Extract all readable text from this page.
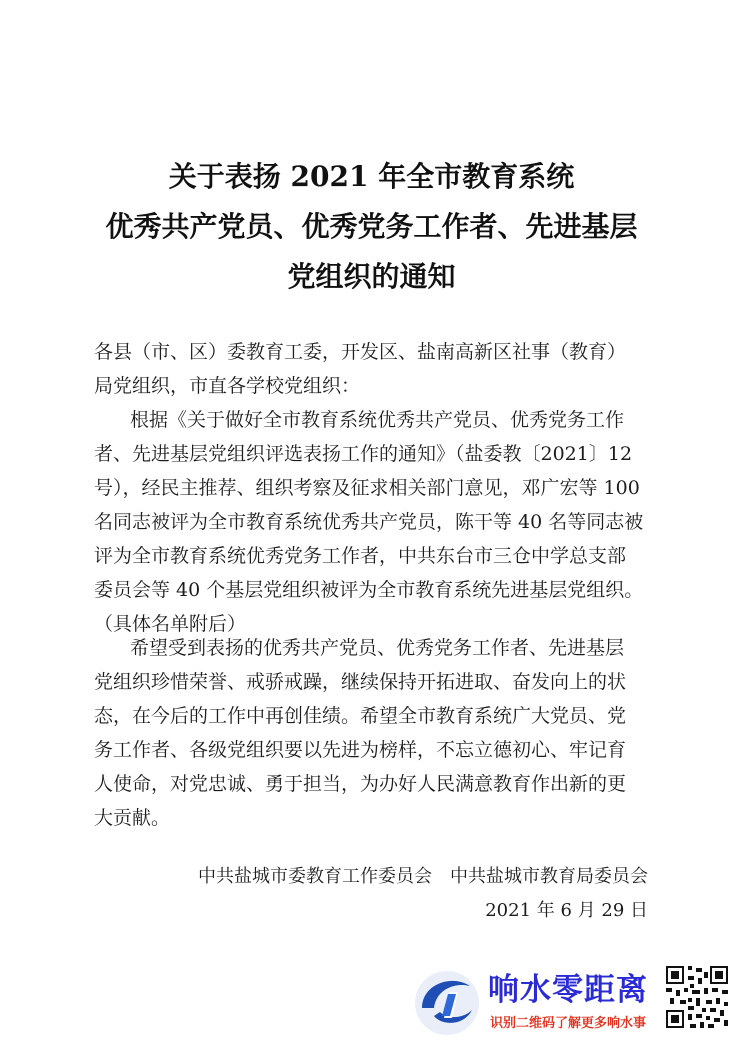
关于表扬 2021 年全市教育系统
优秀共产党员、优秀党务工作者、先进基层
党组织的通知
各县（市、区）委教育工委，开发区、盐南高新区社事（教育）
局党组织，市直各学校党组织：
根据《关于做好全市教育系统优秀共产党员、优秀党务工作
者、先进基层党组织评选表扬工作的通知》（盐委教〔2021〕12
号），经民主推荐、组织考察及征求相关部门意见，邓广宏等 100
名同志被评为全市教育系统优秀共产党员，陈干等 40 名等同志被
评为全市教育系统优秀党务工作者，中共东台市三仓中学总支部
委员会等 40 个基层党组织被评为全市教育系统先进基层党组织。
（具体名单附后）
希望受到表扬的优秀共产党员、优秀党务工作者、先进基层
党组织珍惜荣誉、戒骄戒躁，继续保持开拓进取、奋发向上的状
态，在今后的工作中再创佳绩。希望全市教育系统广大党员、党
务工作者、各级党组织要以先进为榜样，不忘立德初心、牢记育
人使命，对党忠诚、勇于担当，为办好人民满意教育作出新的更
大贡献。
中共盐城市委教育工作委员会　中共盐城市教育局委员会
2021 年 6 月 29 日
响水零距离
识别二维码了解更多响水事
